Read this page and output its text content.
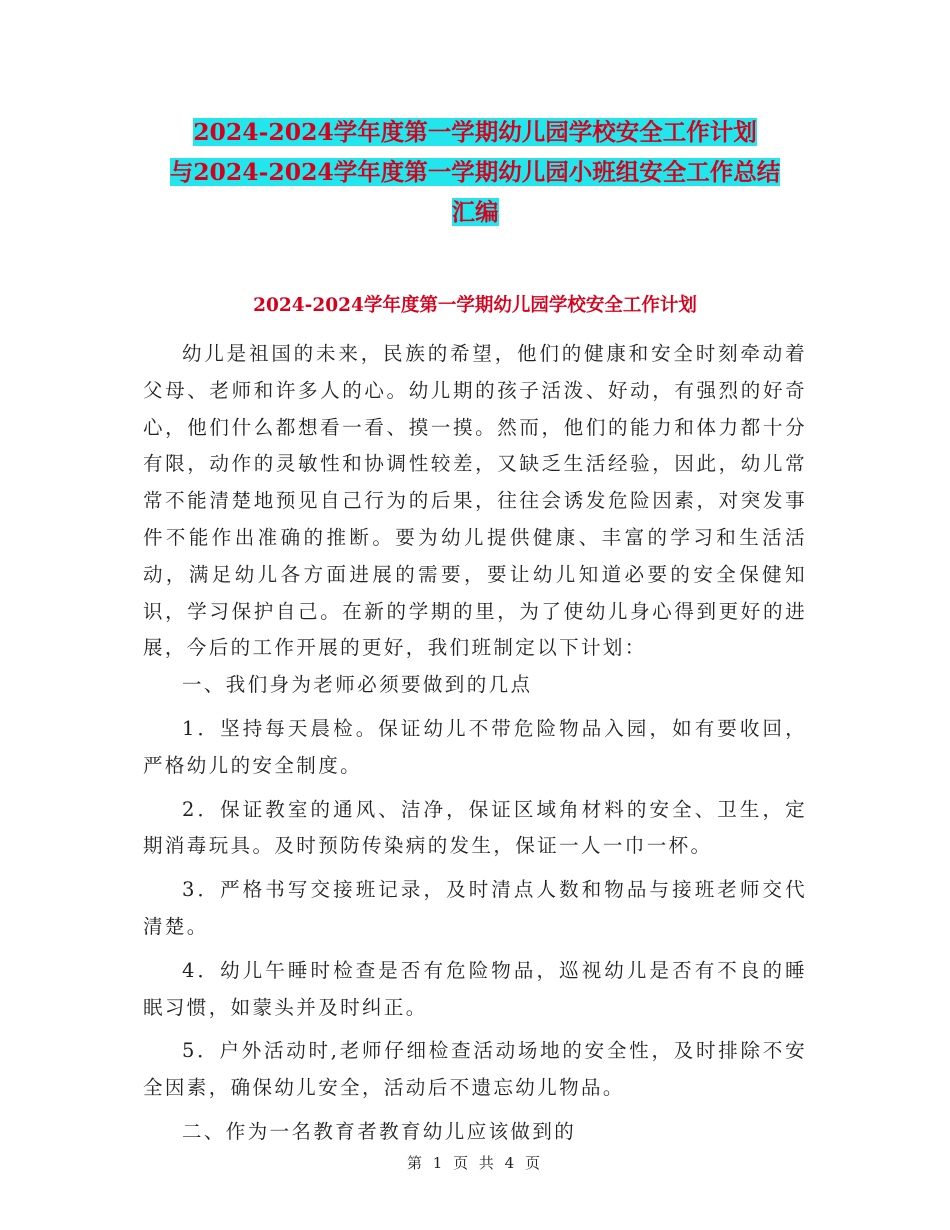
2024-2024学年度第一学期幼儿园学校安全工作计划
与2024-2024学年度第一学期幼儿园小班组安全工作总结
汇编
2024-2024学年度第一学期幼儿园学校安全工作计划

幼儿是祖国的未来，民族的希望，他们的健康和安全时刻牵动着父母、老师和许多人的心。幼儿期的孩子活泼、好动，有强烈的好奇心，他们什么都想看一看、摸一摸。然而，他们的能力和体力都十分有限，动作的灵敏性和协调性较差，又缺乏生活经验，因此，幼儿常常不能清楚地预见自己行为的后果，往往会诱发危险因素，对突发事件不能作出准确的推断。要为幼儿提供健康、丰富的学习和生活活动，满足幼儿各方面进展的需要，要让幼儿知道必要的安全保健知识，学习保护自己。在新的学期的里，为了使幼儿身心得到更好的进展，今后的工作开展的更好，我们班制定以下计划：

一、我们身为老师必须要做到的几点

1．坚持每天晨检。保证幼儿不带危险物品入园，如有要收回，严格幼儿的安全制度。

2．保证教室的通风、洁净，保证区域角材料的安全、卫生，定期消毒玩具。及时预防传染病的发生，保证一人一巾一杯。

3．严格书写交接班记录，及时清点人数和物品与接班老师交代清楚。

4．幼儿午睡时检查是否有危险物品，巡视幼儿是否有不良的睡眠习惯，如蒙头并及时纠正。

5．户外活动时,老师仔细检查活动场地的安全性，及时排除不安全因素，确保幼儿安全，活动后不遗忘幼儿物品。

二、作为一名教育者教育幼儿应该做到的

第 1 页 共 4 页
